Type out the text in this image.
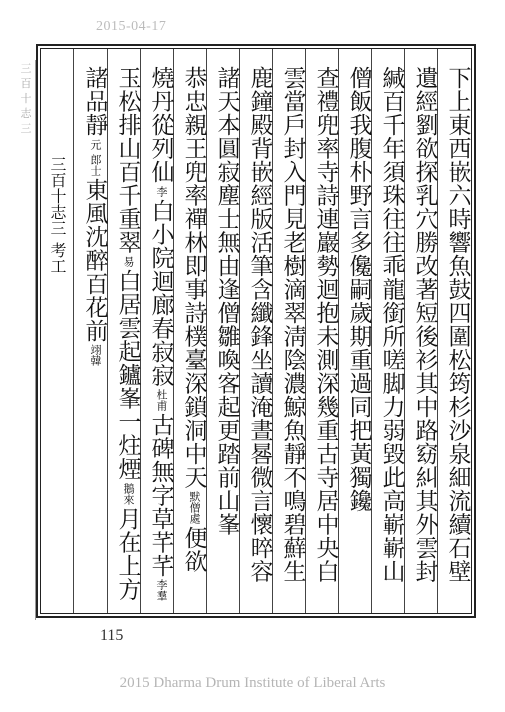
2015-04-17
三
百
十
志
三	下上東西嵌六時響魚鼓四圍松筠杉沙泉細流續石壁
遺經劉欲探乳穴勝改著短後衫其中路窈糾其外雲封
緘百千年須珠往往乖龍銜所嗟脚力弱毀此高嶄嶄山
僧飯我腹朴野言多儳嗣歲期重過同把黃獨鑱
查禮兜率寺詩連巖勢迴抱未測深幾重古寺居中央白
雲當戶封入門見老樹滴翠淸陰濃鯨魚靜不鳴碧蘚生
鹿鐘殿背嵌經版活筆含纖鋒坐讀淹晝晷微言懷晬容
諸天本圓寂塵士無由逢僧雛喚客起更踏前山峯
恭忠親王兜率禪林即事詩樸臺深鎖洞中天
默僧處
便欲
燒丹從列仙
李
白小院迴廊春寂寂
杜甫
古碑無字草芊芊
李羣
玉松排山百千重翠
易
白居雲起鑪峯一炷煙
鵝來
月在上方
諸品靜
元
郎士
東風沈醉百花前
翊韓
三百十志三
考工
115
2015 Dharma Drum Institute of Liberal Arts
